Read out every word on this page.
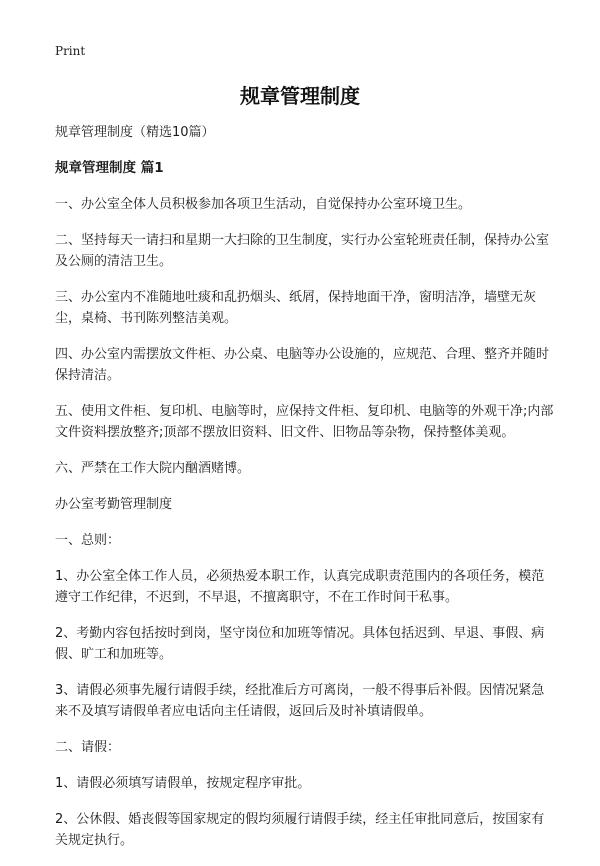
Print
规章管理制度

规章管理制度（精选10篇）

规章管理制度 篇1

一、办公室全体人员积极参加各项卫生活动，自觉保持办公室环境卫生。

二、坚持每天一请扫和星期一大扫除的卫生制度，实行办公室轮班责任制，保持办公室及公厕的清洁卫生。

三、办公室内不准随地吐痰和乱扔烟头、纸屑，保持地面干净，窗明洁净，墙壁无灰尘，桌椅、书刊陈列整洁美观。

四、办公室内需摆放文件柜、办公桌、电脑等办公设施的，应规范、合理、整齐并随时保持清洁。

五、使用文件柜、复印机、电脑等时，应保持文件柜、复印机、电脑等的外观干净;内部文件资料摆放整齐;顶部不摆放旧资料、旧文件、旧物品等杂物，保持整体美观。

六、严禁在工作大院内酗酒赌博。

办公室考勤管理制度

一、总则：

1、办公室全体工作人员，必须热爱本职工作，认真完成职责范围内的各项任务，模范遵守工作纪律，不迟到，不早退，不擅离职守，不在工作时间干私事。

2、考勤内容包括按时到岗，坚守岗位和加班等情况。具体包括迟到、早退、事假、病假、旷工和加班等。

3、请假必须事先履行请假手续，经批准后方可离岗，一般不得事后补假。因情况紧急来不及填写请假单者应电话向主任请假，返回后及时补填请假单。

二、请假：

1、请假必须填写请假单，按规定程序审批。

2、公休假、婚丧假等国家规定的假均须履行请假手续，经主任审批同意后，按国家有关规定执行。
